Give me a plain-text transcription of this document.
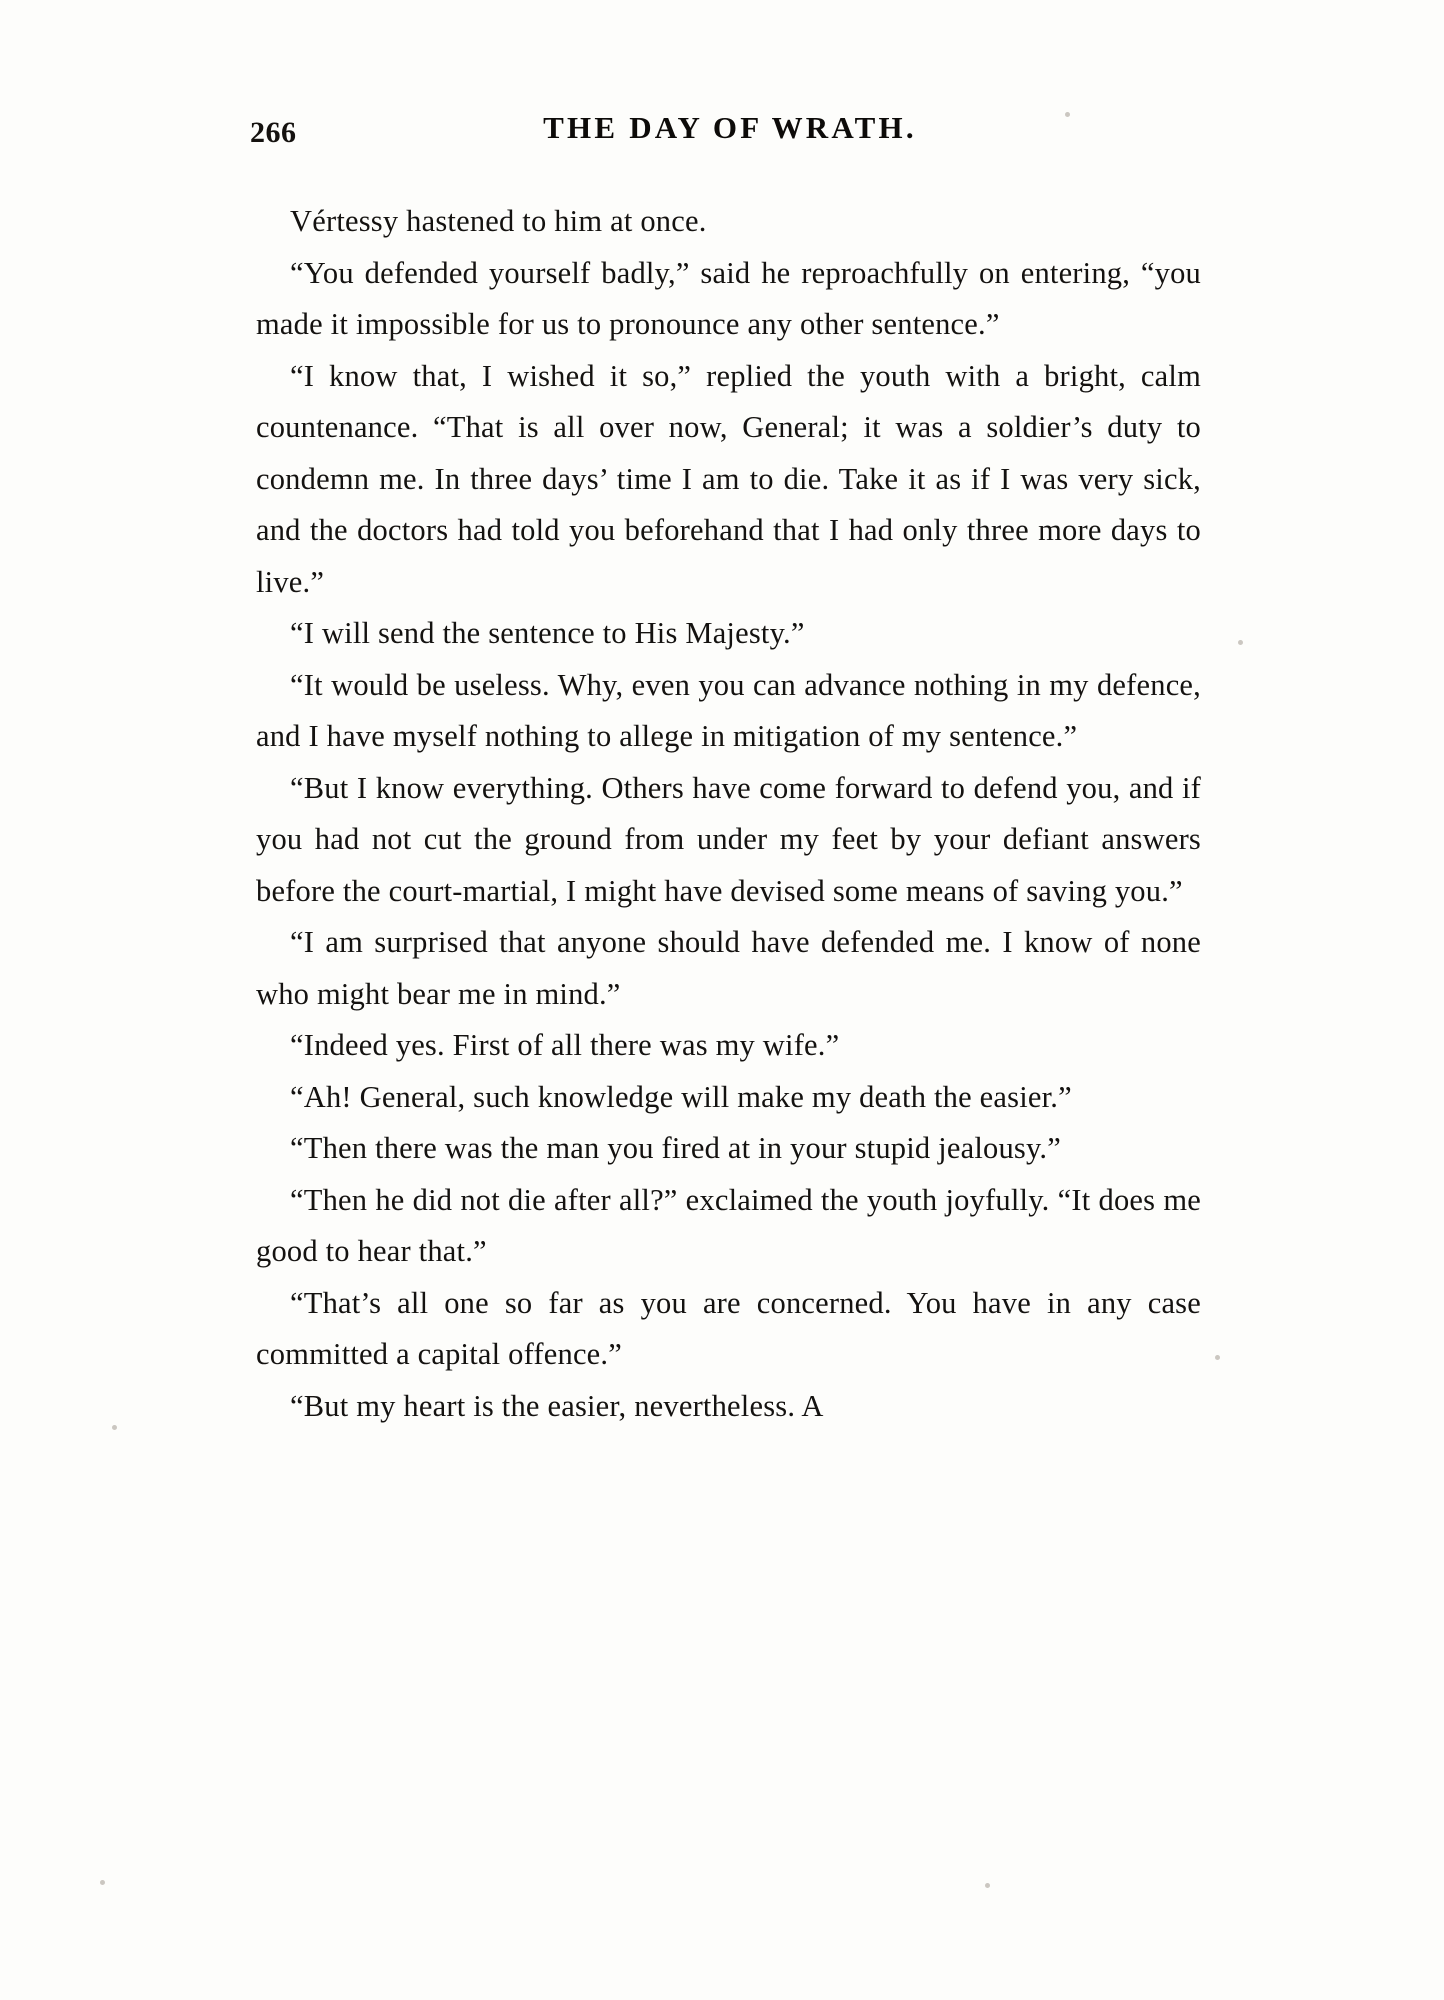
266	THE DAY OF WRATH.

Vértessy hastened to him at once.

“You defended yourself badly,” said he reproachfully on entering, “you made it impossible for us to pronounce any other sentence.”

“I know that, I wished it so,” replied the youth with a bright, calm countenance. “That is all over now, General; it was a soldier’s duty to condemn me. In three days’ time I am to die. Take it as if I was very sick, and the doctors had told you beforehand that I had only three more days to live.”

“I will send the sentence to His Majesty.”

“It would be useless. Why, even you can advance nothing in my defence, and I have myself nothing to allege in mitigation of my sentence.”

“But I know everything. Others have come forward to defend you, and if you had not cut the ground from under my feet by your defiant answers before the court-martial, I might have devised some means of saving you.”

“I am surprised that anyone should have defended me. I know of none who might bear me in mind.”

“Indeed yes. First of all there was my wife.”

“Ah! General, such knowledge will make my death the easier.”

“Then there was the man you fired at in your stupid jealousy.”

“Then he did not die after all?” exclaimed the youth joyfully. “It does me good to hear that.”

“That’s all one so far as you are concerned. You have in any case committed a capital offence.”

“But my heart is the easier, nevertheless. A
